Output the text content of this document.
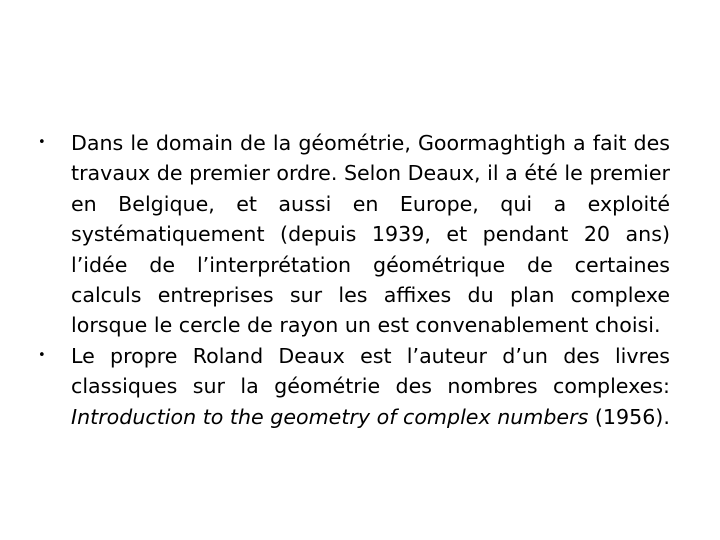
•	Dans le domain de la géométrie, Goormaghtigh a fait des travaux de premier ordre. Selon Deaux, il a été le premier en Belgique, et aussi en Europe, qui a exploité systématiquement (depuis 1939, et pendant 20 ans) l’idée de l’interprétation géométrique de certaines calculs entreprises sur les affixes du plan complexe lorsque le cercle de rayon un est convenablement choisi.
•	Le propre Roland Deaux est l’auteur d’un des livres classiques sur la géométrie des nombres complexes: Introduction to the geometry of complex numbers (1956).
